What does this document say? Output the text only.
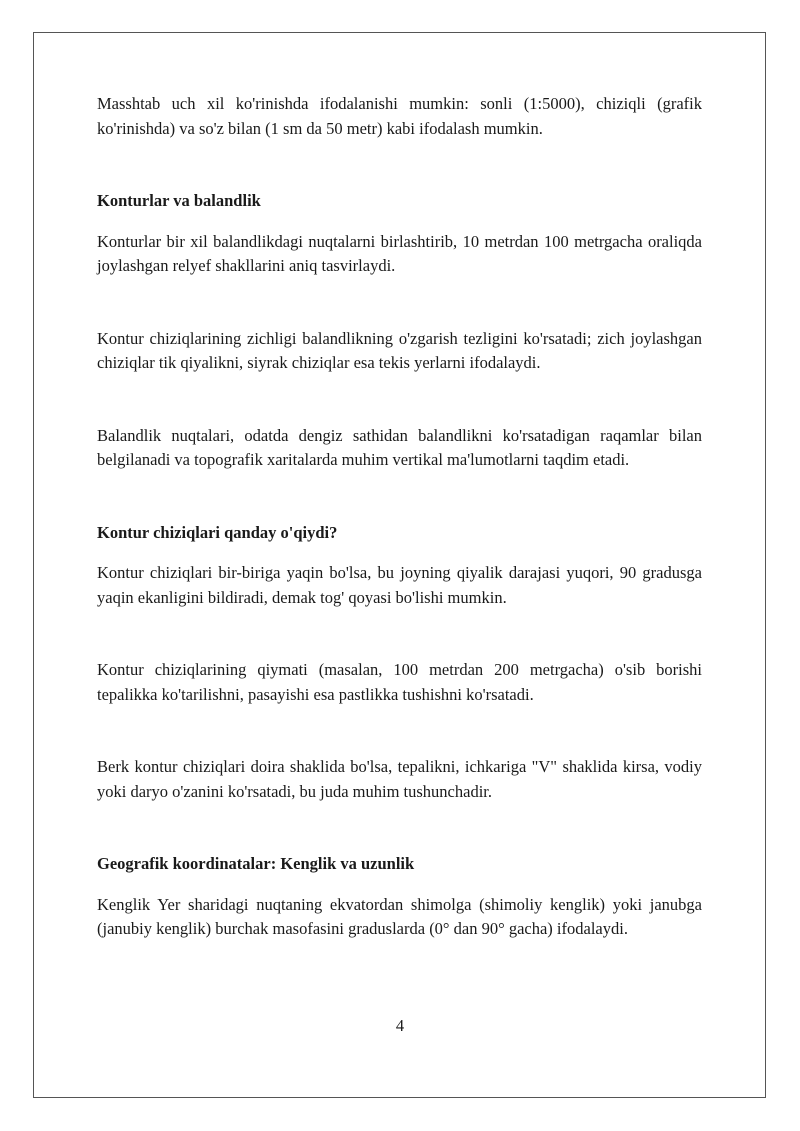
Masshtab uch xil ko'rinishda ifodalanishi mumkin: sonli (1:5000), chiziqli (grafik ko'rinishda) va so'z bilan (1 sm da 50 metr) kabi ifodalash mumkin.

Konturlar va balandlik

Konturlar bir xil balandlikdagi nuqtalarni birlashtirib, 10 metrdan 100 metrgacha oraliqda joylashgan relyef shakllarini aniq tasvirlaydi.

Kontur chiziqlarining zichligi balandlikning o'zgarish tezligini ko'rsatadi; zich joylashgan chiziqlar tik qiyalikni, siyrak chiziqlar esa tekis yerlarni ifodalaydi.

Balandlik nuqtalari, odatda dengiz sathidan balandlikni ko'rsatadigan raqamlar bilan belgilanadi va topografik xaritalarda muhim vertikal ma'lumotlarni taqdim etadi.

Kontur chiziqlari qanday o'qiydi?

Kontur chiziqlari bir-biriga yaqin bo'lsa, bu joyning qiyalik darajasi yuqori, 90 gradusga yaqin ekanligini bildiradi, demak tog' qoyasi bo'lishi mumkin.

Kontur chiziqlarining qiymati (masalan, 100 metrdan 200 metrgacha) o'sib borishi tepalikka ko'tarilishni, pasayishi esa pastlikka tushishni ko'rsatadi.

Berk kontur chiziqlari doira shaklida bo'lsa, tepalikni, ichkariga "V" shaklida kirsa, vodiy yoki daryo o'zanini ko'rsatadi, bu juda muhim tushunchadir.

Geografik koordinatalar: Kenglik va uzunlik

Kenglik Yer sharidagi nuqtaning ekvatordan shimolga (shimoliy kenglik) yoki janubga (janubiy kenglik) burchak masofasini graduslarda (0° dan 90° gacha) ifodalaydi.

4
